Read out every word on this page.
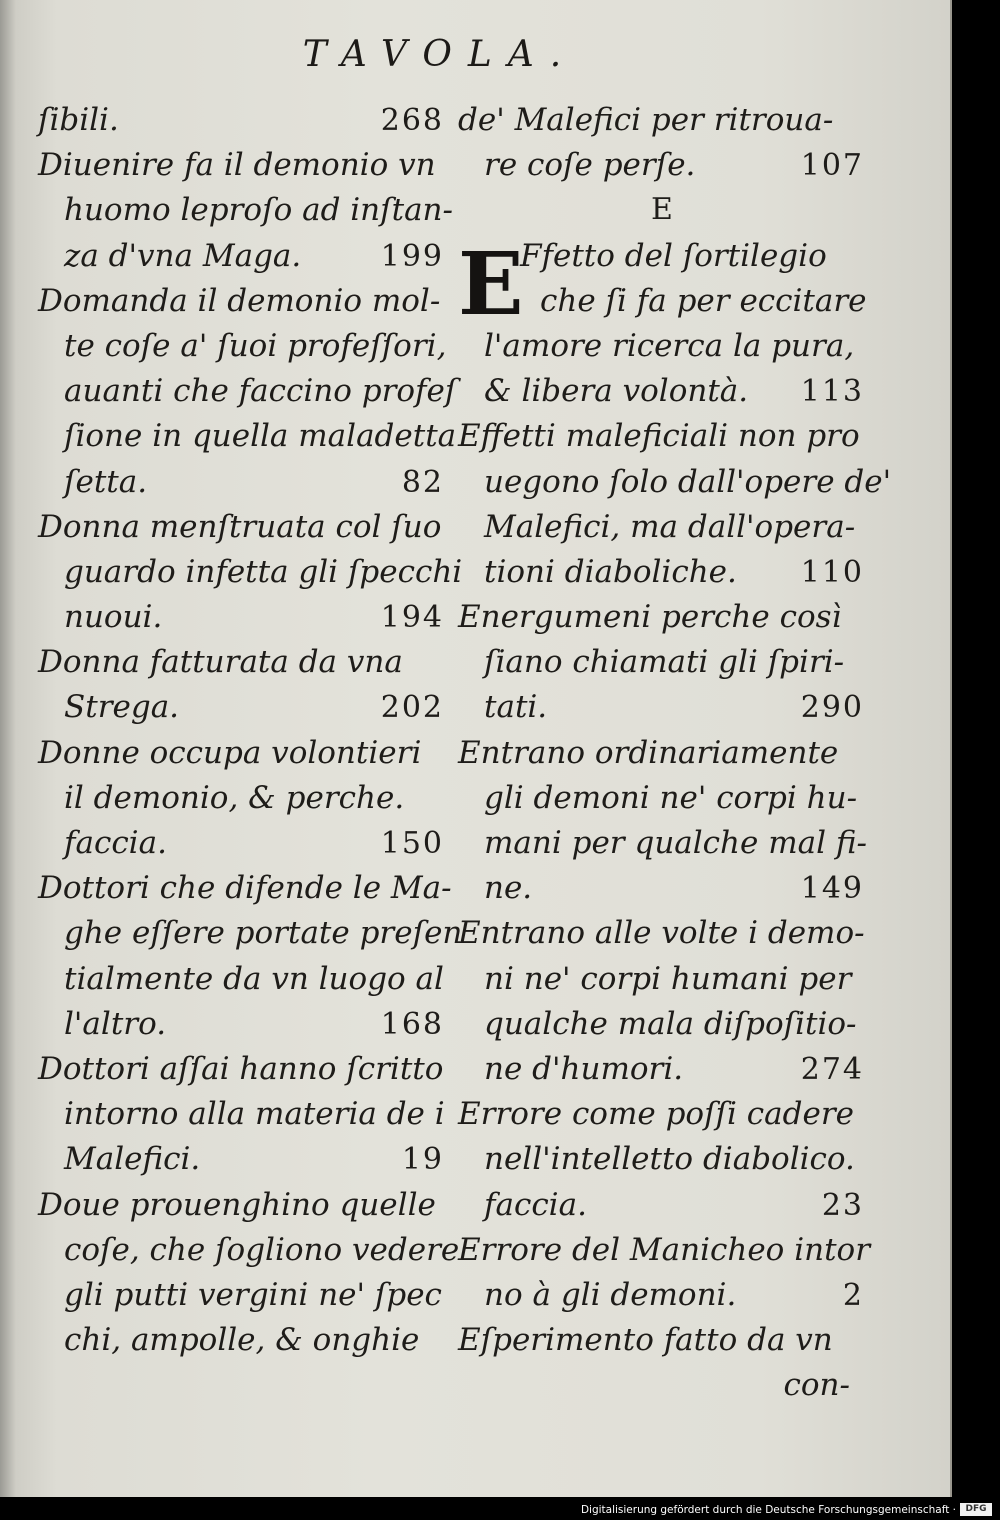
TAVOLA.
ſibili.	268
Diuenire fa il demonio vn
huomo leproſo ad inſtan-
za d'vna Maga.	199
Domanda il demonio mol-
te coſe a' ſuoi profeſſori,
auanti che faccino profeſ
ſione in quella maladetta
ſetta.	82
Donna menſtruata col ſuo
guardo infetta gli ſpecchi
nuoui.	194
Donna fatturata da vna
Strega.	202
Donne occupa volontieri
il demonio, & perche.
faccia.	150
Dottori che difende le Ma-
ghe eſſere portate preſen
tialmente da vn luogo al
l'altro.	168
Dottori aſſai hanno ſcritto
intorno alla materia de i
Malefici.	19
Doue prouenghino quelle
coſe, che ſogliono vedere
gli putti vergini ne' ſpec
chi, ampolle, & onghie
de' Malefici per ritroua-
re coſe perſe.	107
E
E
Ffetto del ſortilegio
che ſi fa per eccitare
l'amore ricerca la pura,
& libera volontà. 113
Effetti maleficiali non pro
uegono ſolo dall'opere de'
Malefici, ma dall'opera-
tioni diaboliche. 110
Energumeni perche così
ſiano chiamati gli ſpiri-
tati.	290
Entrano ordinariamente
gli demoni ne' corpi hu-
mani per qualche mal fi-
ne.	149
Entrano alle volte i demo-
ni ne' corpi humani per
qualche mala diſpoſitio-
ne d'humori.	274
Errore come poſſi cadere
nell'intelletto diabolico.
faccia.	23
Errore del Manicheo intor
no à gli demoni.	2
Eſperimento fatto da vn
con-
Digitalisierung gefördert durch die Deutsche Forschungsgemeinschaft ·	DFG
